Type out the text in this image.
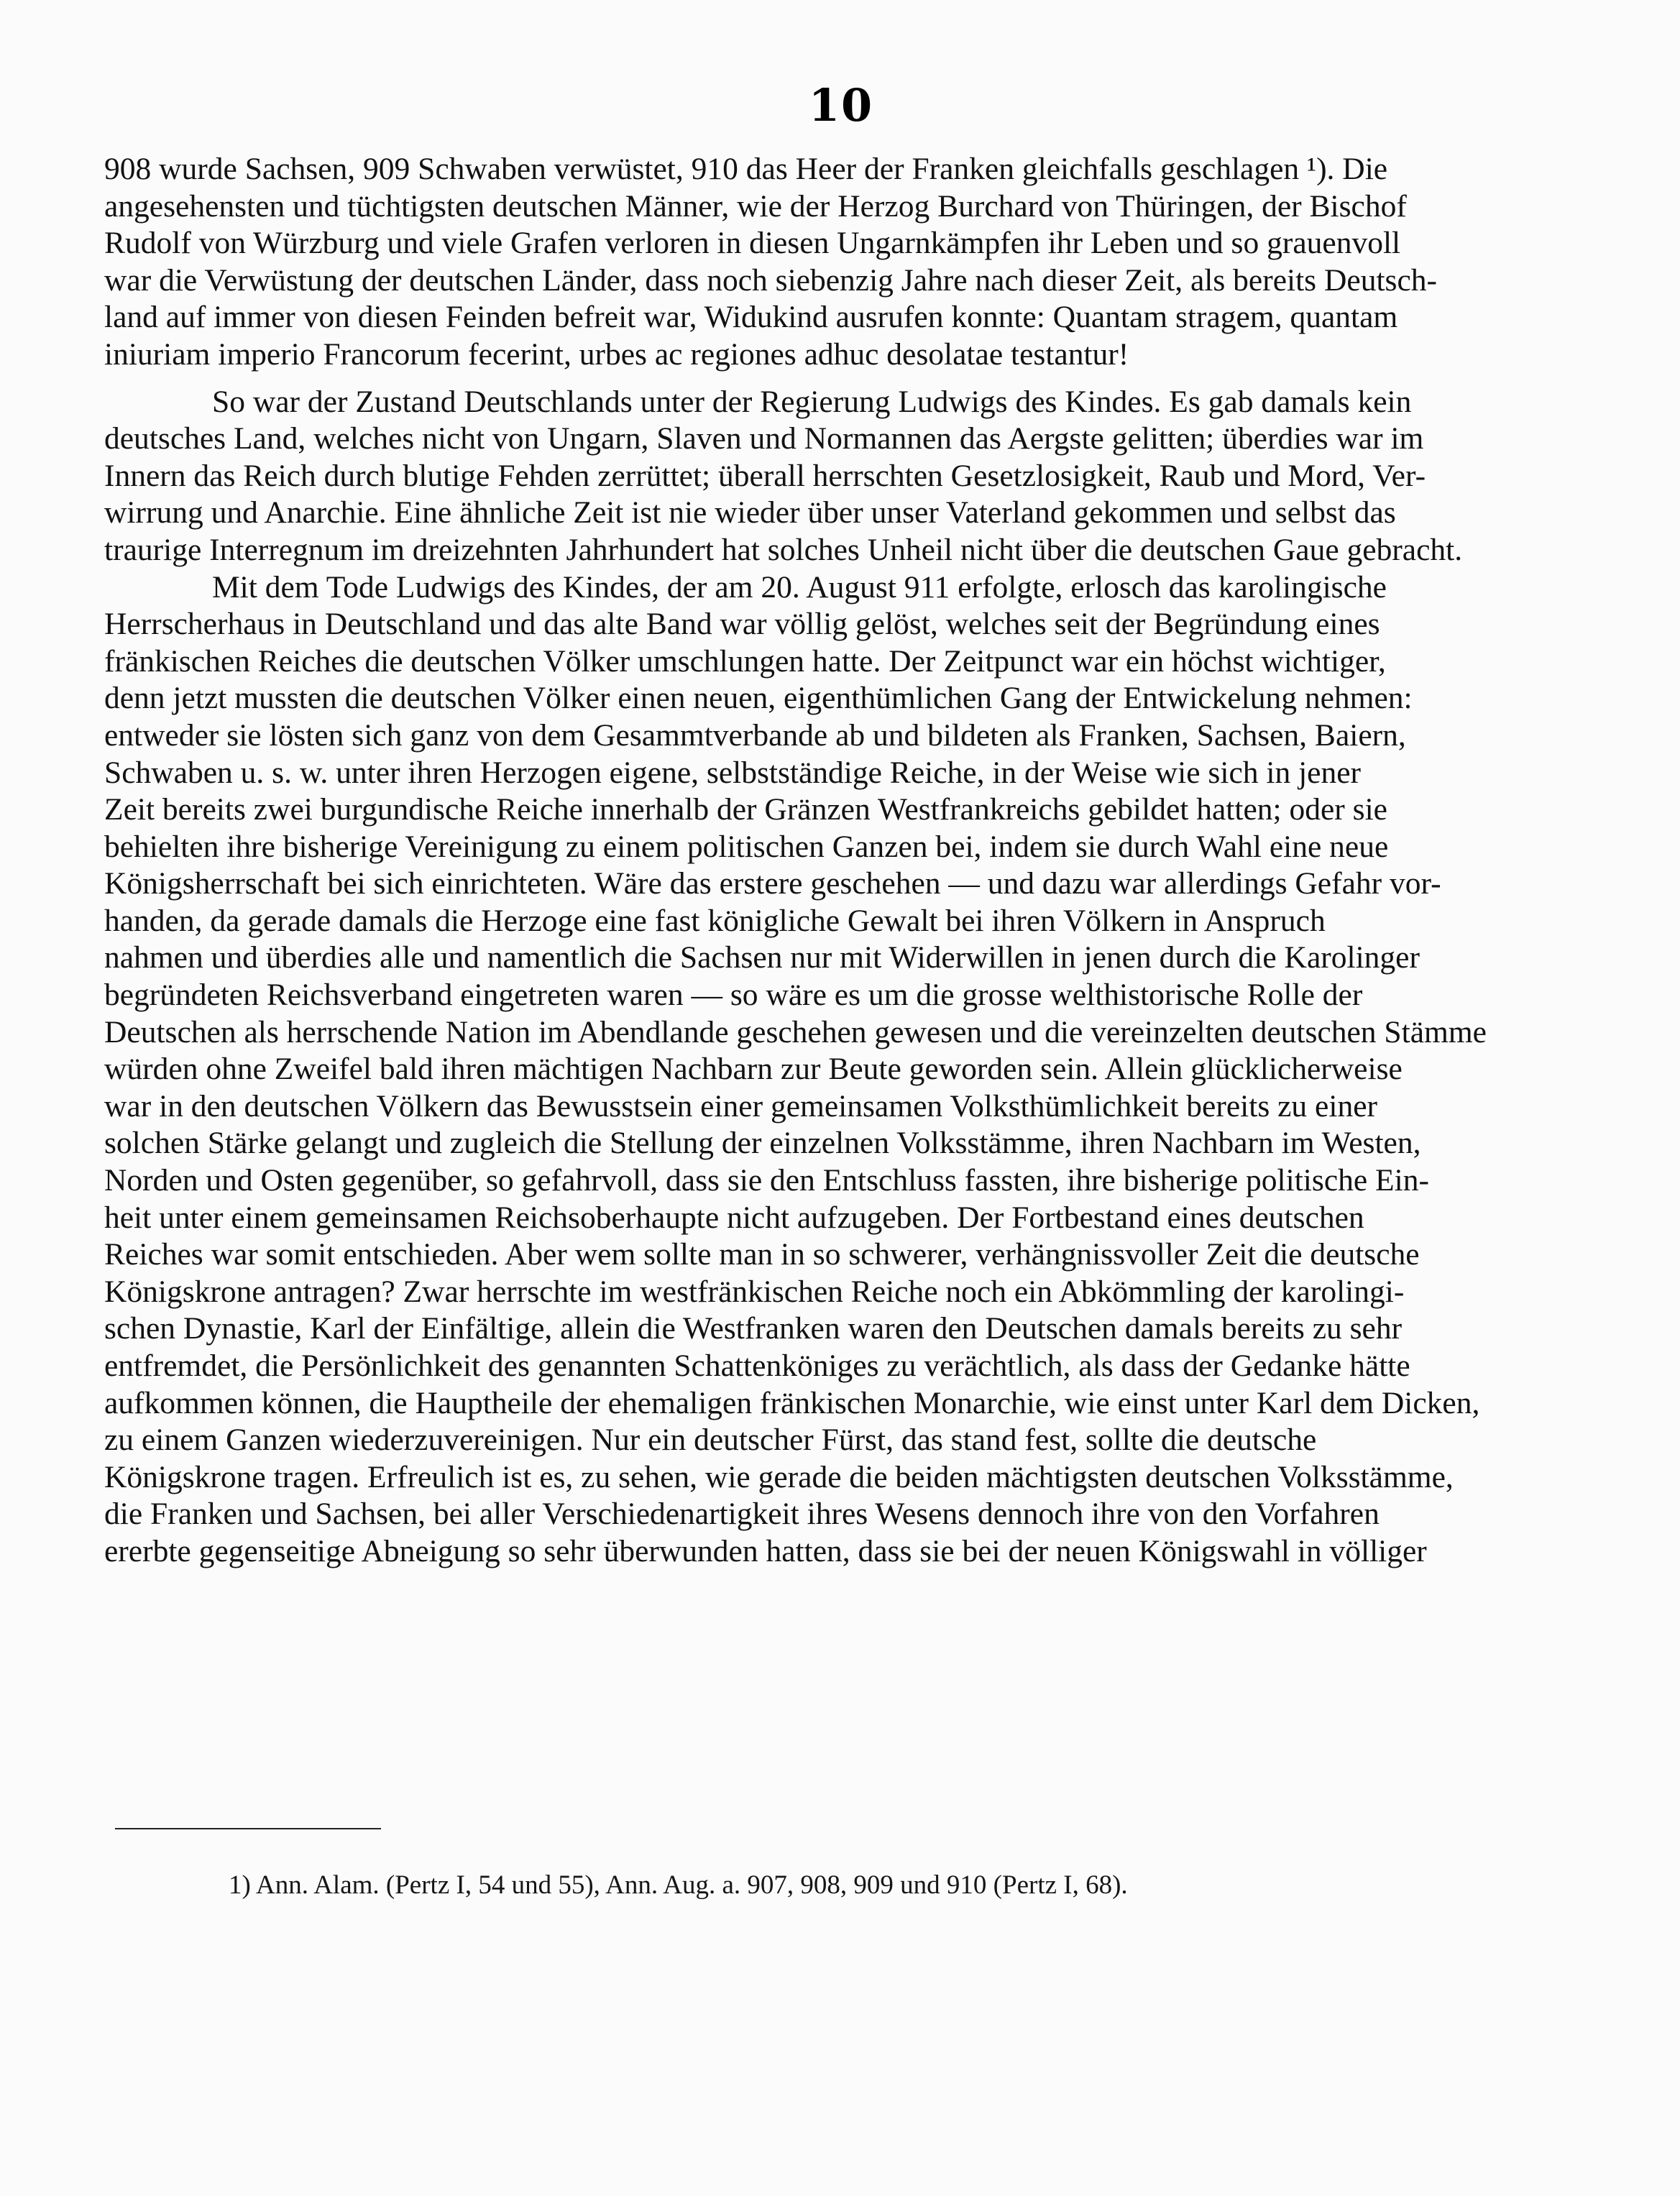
10
908 wurde Sachsen, 909 Schwaben verwüstet, 910 das Heer der Franken gleichfalls geschlagen ¹). Die
angesehensten und tüchtigsten deutschen Männer, wie der Herzog Burchard von Thüringen, der Bischof
Rudolf von Würzburg und viele Grafen verloren in diesen Ungarnkämpfen ihr Leben und so grauenvoll
war die Verwüstung der deutschen Länder, dass noch siebenzig Jahre nach dieser Zeit, als bereits Deutsch-
land auf immer von diesen Feinden befreit war, Widukind ausrufen konnte: Quantam stragem, quantam
iniuriam imperio Francorum fecerint, urbes ac regiones adhuc desolatae testantur!
So war der Zustand Deutschlands unter der Regierung Ludwigs des Kindes. Es gab damals kein
deutsches Land, welches nicht von Ungarn, Slaven und Normannen das Aergste gelitten; überdies war im
Innern das Reich durch blutige Fehden zerrüttet; überall herrschten Gesetzlosigkeit, Raub und Mord, Ver-
wirrung und Anarchie. Eine ähnliche Zeit ist nie wieder über unser Vaterland gekommen und selbst das
traurige Interregnum im dreizehnten Jahrhundert hat solches Unheil nicht über die deutschen Gaue gebracht.
Mit dem Tode Ludwigs des Kindes, der am 20. August 911 erfolgte, erlosch das karolingische
Herrscherhaus in Deutschland und das alte Band war völlig gelöst, welches seit der Begründung eines
fränkischen Reiches die deutschen Völker umschlungen hatte. Der Zeitpunct war ein höchst wichtiger,
denn jetzt mussten die deutschen Völker einen neuen, eigenthümlichen Gang der Entwickelung nehmen:
entweder sie lösten sich ganz von dem Gesammtverbande ab und bildeten als Franken, Sachsen, Baiern,
Schwaben u. s. w. unter ihren Herzogen eigene, selbstständige Reiche, in der Weise wie sich in jener
Zeit bereits zwei burgundische Reiche innerhalb der Gränzen Westfrankreichs gebildet hatten; oder sie
behielten ihre bisherige Vereinigung zu einem politischen Ganzen bei, indem sie durch Wahl eine neue
Königsherrschaft bei sich einrichteten. Wäre das erstere geschehen — und dazu war allerdings Gefahr vor-
handen, da gerade damals die Herzoge eine fast königliche Gewalt bei ihren Völkern in Anspruch
nahmen und überdies alle und namentlich die Sachsen nur mit Widerwillen in jenen durch die Karolinger
begründeten Reichsverband eingetreten waren — so wäre es um die grosse welthistorische Rolle der
Deutschen als herrschende Nation im Abendlande geschehen gewesen und die vereinzelten deutschen Stämme
würden ohne Zweifel bald ihren mächtigen Nachbarn zur Beute geworden sein. Allein glücklicherweise
war in den deutschen Völkern das Bewusstsein einer gemeinsamen Volksthümlichkeit bereits zu einer
solchen Stärke gelangt und zugleich die Stellung der einzelnen Volksstämme, ihren Nachbarn im Westen,
Norden und Osten gegenüber, so gefahrvoll, dass sie den Entschluss fassten, ihre bisherige politische Ein-
heit unter einem gemeinsamen Reichsoberhaupte nicht aufzugeben. Der Fortbestand eines deutschen
Reiches war somit entschieden. Aber wem sollte man in so schwerer, verhängnissvoller Zeit die deutsche
Königskrone antragen? Zwar herrschte im westfränkischen Reiche noch ein Abkömmling der karolingi-
schen Dynastie, Karl der Einfältige, allein die Westfranken waren den Deutschen damals bereits zu sehr
entfremdet, die Persönlichkeit des genannten Schattenköniges zu verächtlich, als dass der Gedanke hätte
aufkommen können, die Hauptheile der ehemaligen fränkischen Monarchie, wie einst unter Karl dem Dicken,
zu einem Ganzen wiederzuvereinigen. Nur ein deutscher Fürst, das stand fest, sollte die deutsche
Königskrone tragen. Erfreulich ist es, zu sehen, wie gerade die beiden mächtigsten deutschen Volksstämme,
die Franken und Sachsen, bei aller Verschiedenartigkeit ihres Wesens dennoch ihre von den Vorfahren
ererbte gegenseitige Abneigung so sehr überwunden hatten, dass sie bei der neuen Königswahl in völliger
1) Ann. Alam. (Pertz I, 54 und 55), Ann. Aug. a. 907, 908, 909 und 910 (Pertz I, 68).
